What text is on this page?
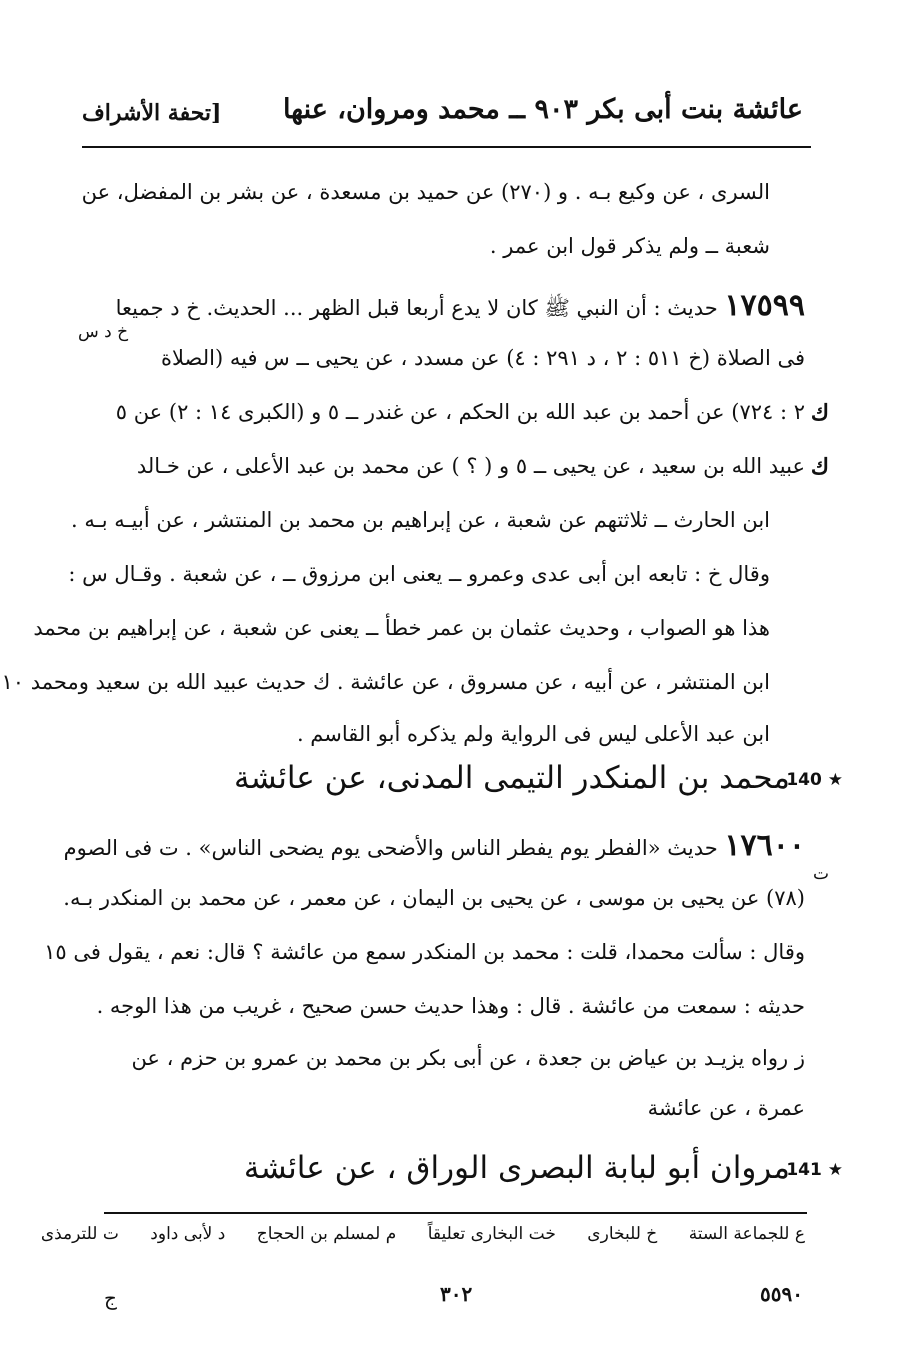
عائشة بنت أبى بكر ٩٠٣ ــ محمد ومروان، عنها
[تحفة الأشراف
السرى ، عن وكيع بـه . و (٢٧٠) عن حميد بن مسعدة ، عن بشر بن المفضل، عن
شعبة ــ ولم يذكر قول ابن عمر .
١٧٥٩٩ حديث : أن النبي ﷺ كان لا يدع أربعا قبل الظهر ... الحديث. خ د جميعا
خ د س
فى الصلاة (خ ٥١١ : ٢ ، د ٢٩١ : ٤) عن مسدد ، عن يحيى ــ س فيه (الصلاة
٢ : ٧٢٤) عن أحمد بن عبد الله بن الحكم ، عن غندر ــ ٥ و (الكبرى ١٤ : ٢) عن ٥ ك
عبيد الله بن سعيد ، عن يحيى ــ ٥ و ( ؟ ) عن محمد بن عبد الأعلى ، عن خـالد ك
ابن الحارث ــ ثلاثتهم عن شعبة ، عن إبراهيم بن محمد بن المنتشر ، عن أبيـه بـه .
وقال خ : تابعه ابن أبى عدى وعمرو ــ يعنى ابن مرزوق ــ ، عن شعبة . وقـال س :
هذا هو الصواب ، وحديث عثمان بن عمر خطأ ــ يعنى عن شعبة ، عن إبراهيم بن محمد
ابن المنتشر ، عن أبيه ، عن مسروق ، عن عائشة . ك حديث عبيد الله بن سعيد ومحمد ١٠
ابن عبد الأعلى ليس فى الرواية ولم يذكره أبو القاسم .
140 ★
محمد بن المنكدر التيمى المدنى، عن عائشة
١٧٦٠٠ حديث «الفطر يوم يفطر الناس والأضحى يوم يضحى الناس» . ت فى الصوم
ت
(٧٨) عن يحيى بن موسى ، عن يحيى بن اليمان ، عن معمر ، عن محمد بن المنكدر بـه.
وقال : سألت محمدا، قلت : محمد بن المنكدر سمع من عائشة ؟ قال: نعم ، يقول فى ١٥
حديثه : سمعت من عائشة . قال : وهذا حديث حسن صحيح ، غريب من هذا الوجه .
ز رواه يزيـد بن عياض بن جعدة ، عن أبى بكر بن محمد بن عمرو بن حزم ، عن
عمرة ، عن عائشة
141 ★
مروان أبو لبابة البصرى الوراق ، عن عائشة
ع للجماعة الستة خ للبخارى خت البخارى تعليقاً م لمسلم بن الحجاج د لأبى داود ت للترمذى
٥٥٩٠
٣٠٢
ج
